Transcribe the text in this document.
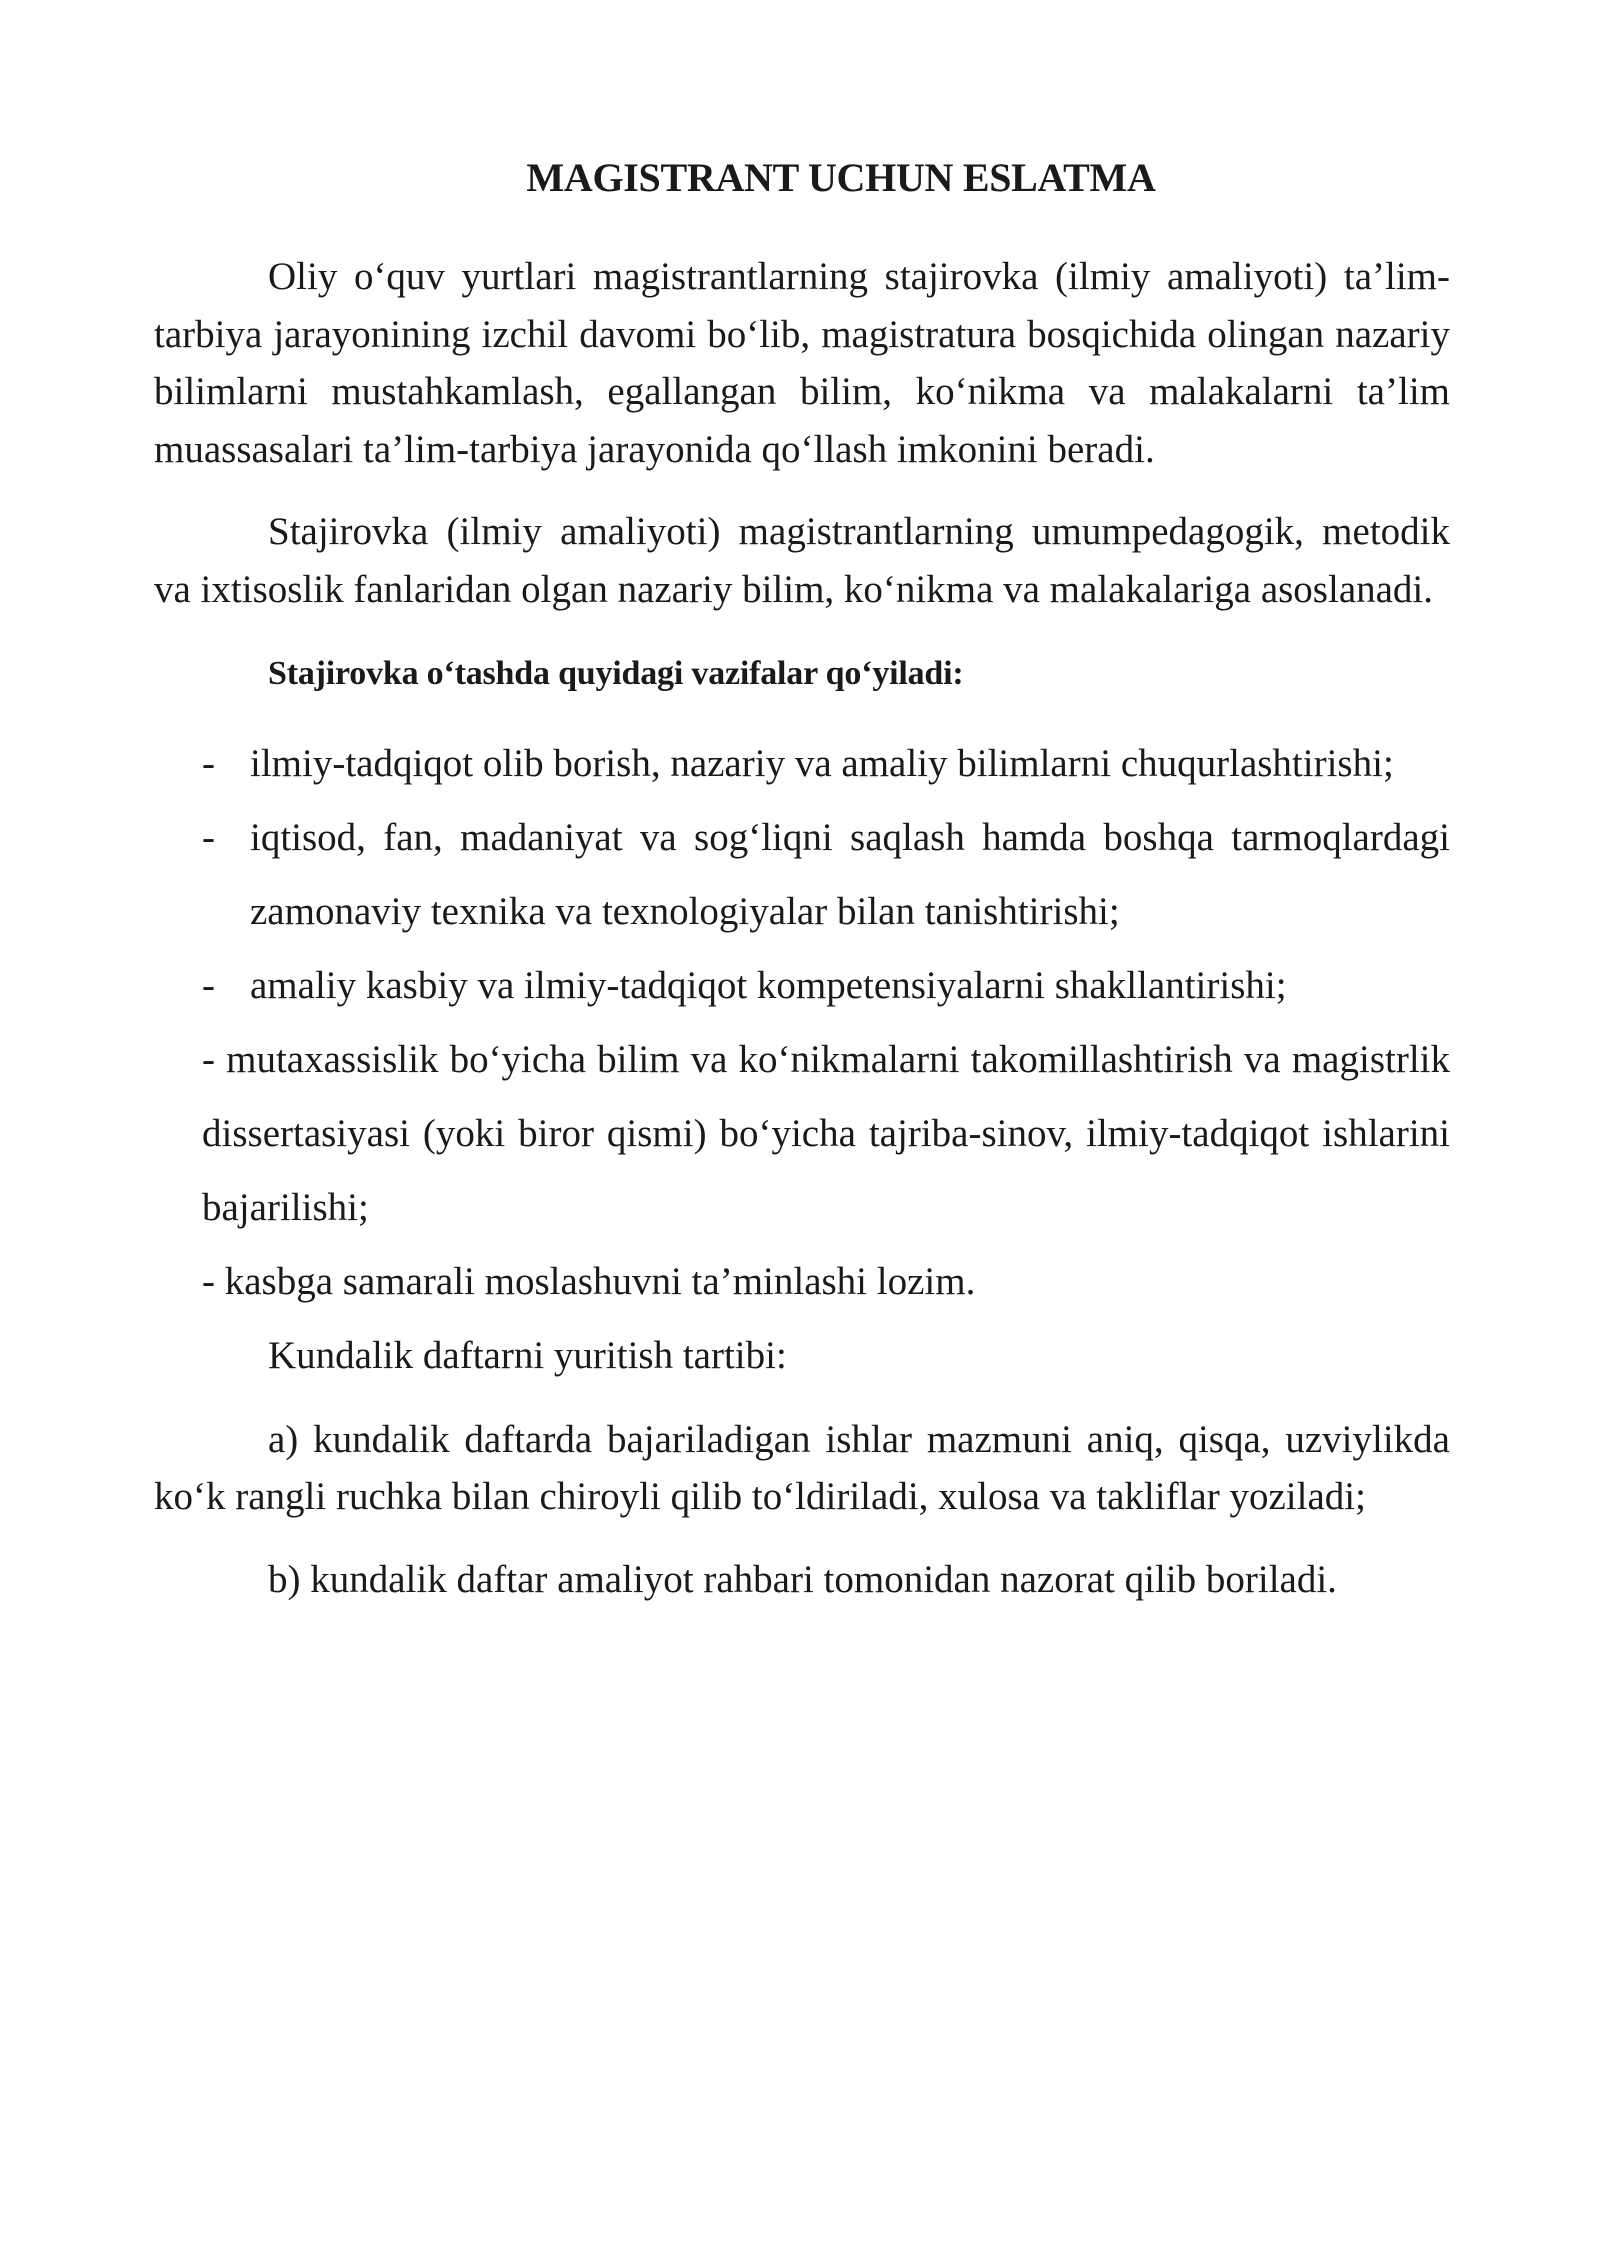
MAGISTRANT UCHUN ESLATMA

Oliy o‘quv yurtlari magistrantlarning stajirovka (ilmiy amaliyoti) ta’lim-tarbiya jarayonining izchil davomi bo‘lib, magistratura bosqichida olingan nazariy bilimlarni mustahkamlash, egallangan bilim, ko‘nikma va malakalarni ta’lim muassasalari ta’lim-tarbiya jarayonida qo‘llash imkonini beradi.

Stajirovka (ilmiy amaliyoti) magistrantlarning umumpedagogik, metodik va ixtisoslik fanlaridan olgan nazariy bilim, ko‘nikma va malakalariga asoslanadi.

Stajirovka o‘tashda quyidagi vazifalar qo‘yiladi:

- ilmiy-tadqiqot olib borish, nazariy va amaliy bilimlarni chuqurlashtirishi;
- iqtisod, fan, madaniyat va sog‘liqni saqlash hamda boshqa tarmoqlardagi zamonaviy texnika va texnologiyalar bilan tanishtirishi;
- amaliy kasbiy va ilmiy-tadqiqot kompetensiyalarni shakllantirishi;
- mutaxassislik bo‘yicha bilim va ko‘nikmalarni takomillashtirish va magistrlik dissertasiyasi (yoki biror qismi) bo‘yicha tajriba-sinov, ilmiy-tadqiqot ishlarini bajarilishi;
- kasbga samarali moslashuvni ta’minlashi lozim.

Kundalik daftarni yuritish tartibi:

a) kundalik daftarda bajariladigan ishlar mazmuni aniq, qisqa, uzviylikda ko‘k rangli ruchka bilan chiroyli qilib to‘ldiriladi, xulosa va takliflar yoziladi;

b) kundalik daftar amaliyot rahbari tomonidan nazorat qilib boriladi.
